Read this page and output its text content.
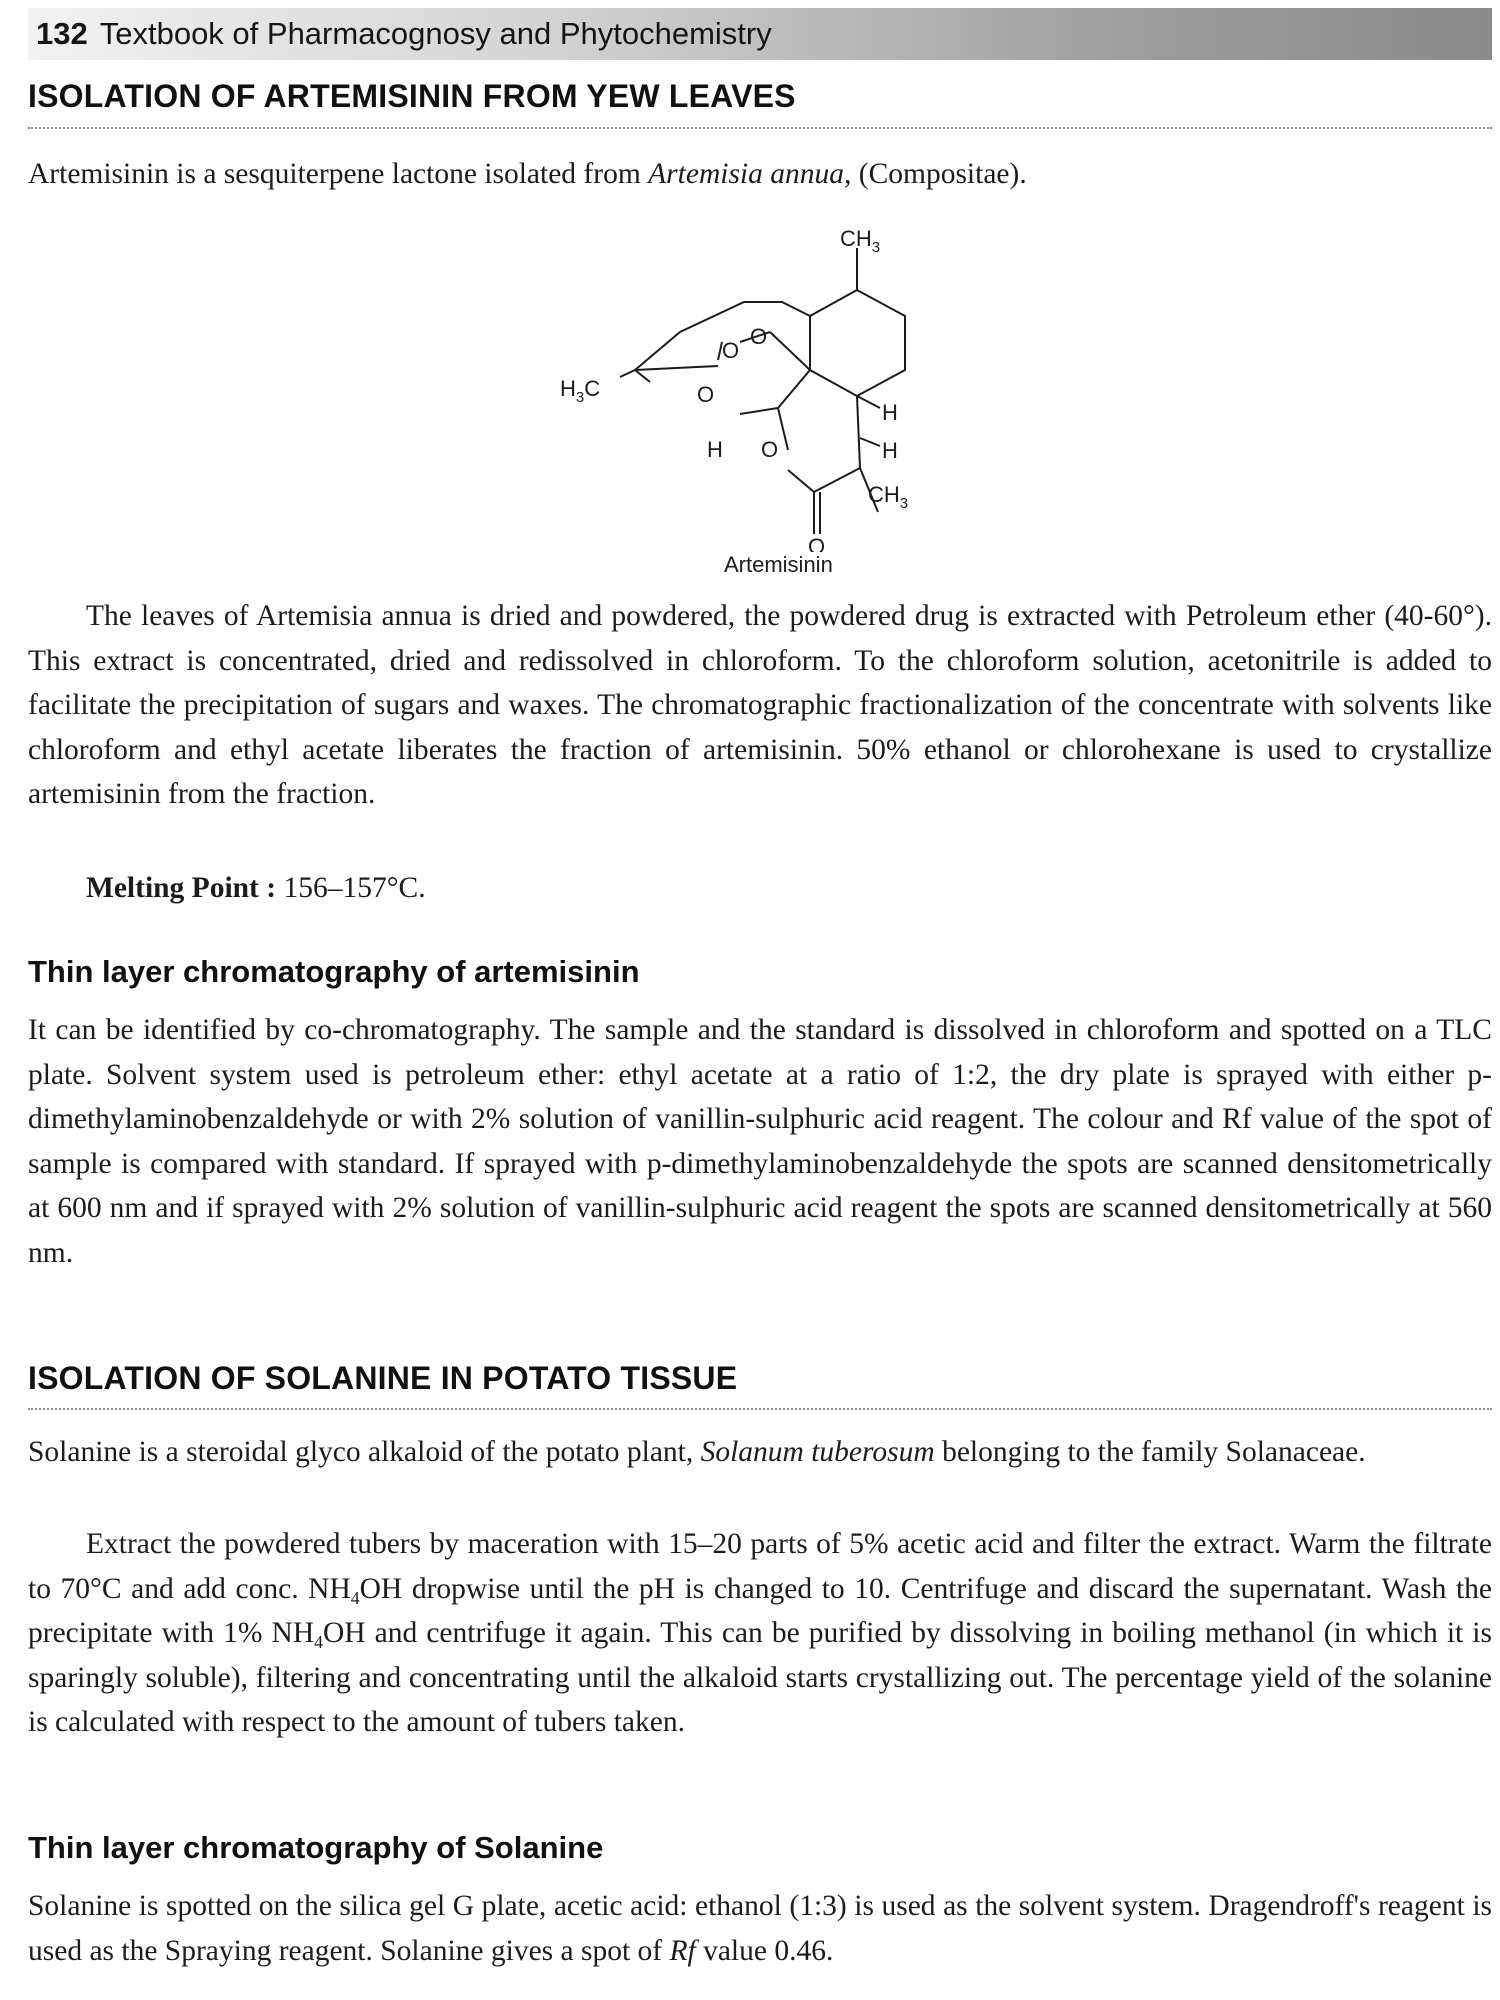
132 Textbook of Pharmacognosy and Phytochemistry
ISOLATION OF ARTEMISININ FROM YEW LEAVES

Artemisinin is a sesquiterpene lactone isolated from Artemisia annua, (Compositae).

$CH_3$
$H_3C$
O
O
O
O
O
H
H
H
$CH_3$
Artemisinin

The leaves of Artemisia annua is dried and powdered, the powdered drug is extracted with Petroleum ether (40-60°). This extract is concentrated, dried and redissolved in chloroform. To the chloroform solution, acetonitrile is added to facilitate the precipitation of sugars and waxes. The chromatographic fractionalization of the concentrate with solvents like chloroform and ethyl acetate liberates the fraction of artemisinin. 50% ethanol or chlorohexane is used to crystallize artemisinin from the fraction.

Melting Point : 156–157°C.

Thin layer chromatography of artemisinin

It can be identified by co-chromatography. The sample and the standard is dissolved in chloroform and spotted on a TLC plate. Solvent system used is petroleum ether: ethyl acetate at a ratio of 1:2, the dry plate is sprayed with either p-dimethylaminobenzaldehyde or with 2% solution of vanillin-sulphuric acid reagent. The colour and Rf value of the spot of sample is compared with standard. If sprayed with p-dimethylaminobenzaldehyde the spots are scanned densitometrically at 600 nm and if sprayed with 2% solution of vanillin-sulphuric acid reagent the spots are scanned densitometrically at 560 nm.

ISOLATION OF SOLANINE IN POTATO TISSUE

Solanine is a steroidal glyco alkaloid of the potato plant, Solanum tuberosum belonging to the family Solanaceae.

Extract the powdered tubers by maceration with 15–20 parts of 5% acetic acid and filter the extract. Warm the filtrate to 70°C and add conc. $NH_4OH$ dropwise until the pH is changed to 10. Centrifuge and discard the supernatant. Wash the precipitate with 1% $NH_4OH$ and centrifuge it again. This can be purified by dissolving in boiling methanol (in which it is sparingly soluble), filtering and concentrating until the alkaloid starts crystallizing out. The percentage yield of the solanine is calculated with respect to the amount of tubers taken.

Thin layer chromatography of Solanine

Solanine is spotted on the silica gel G plate, acetic acid: ethanol (1:3) is used as the solvent system. Dragendroff's reagent is used as the Spraying reagent. Solanine gives a spot of Rf value 0.46.
